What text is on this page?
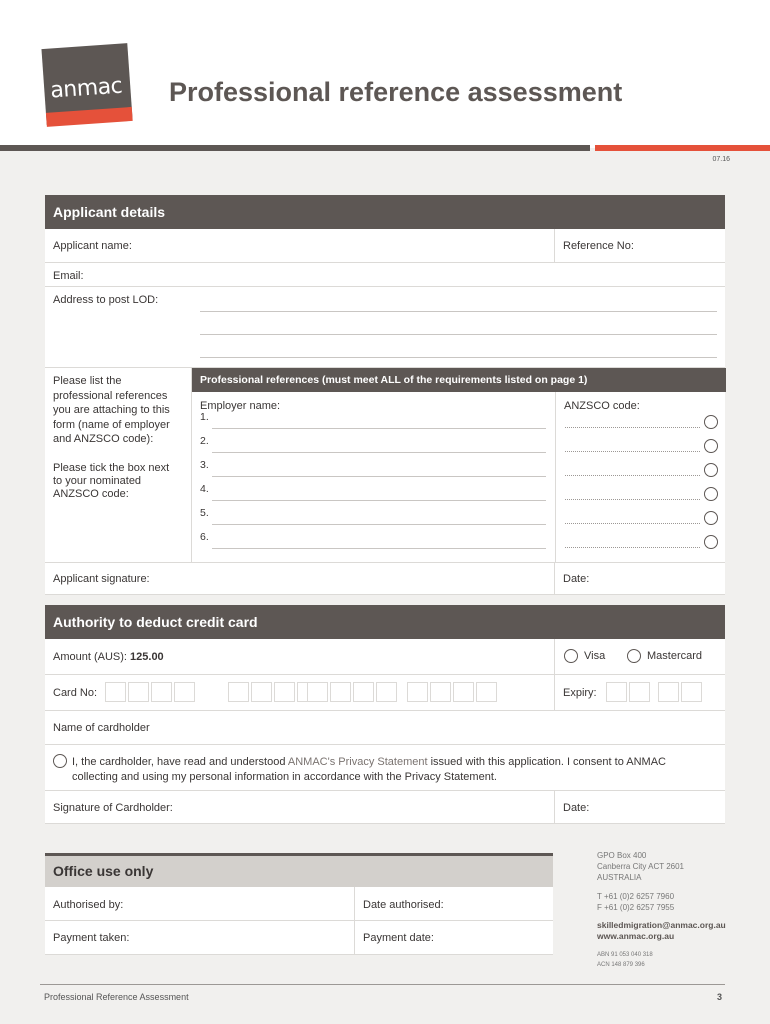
anmac Professional reference assessment
07.16
Applicant details
Applicant name:	Reference No:
Email:
Address to post LOD:
Please list the professional references you are attaching to this form (name of employer and ANZSCO code):
Please tick the box next to your nominated ANZSCO code:
Professional references (must meet ALL of the requirements listed on page 1)
Employer name:	ANZSCO code:
1.
2.
3.
4.
5.
6.
Applicant signature:	Date:
Authority to deduct credit card
Amount (AUS): 125.00	Visa	Mastercard
Card No:	Expiry:
Name of cardholder
I, the cardholder, have read and understood ANMAC's Privacy Statement issued with this application. I consent to ANMAC
collecting and using my personal information in accordance with the Privacy Statement.
Signature of Cardholder:	Date:
Office use only
Authorised by:	Date authorised:
Payment taken:	Payment date:
GPO Box 400
Canberra City ACT 2601
AUSTRALIA
T +61 (0)2 6257 7960
F +61 (0)2 6257 7955
skilledmigration@anmac.org.au
www.anmac.org.au
ABN 91 053 040 318
ACN 148 879 396
Professional Reference Assessment	3
